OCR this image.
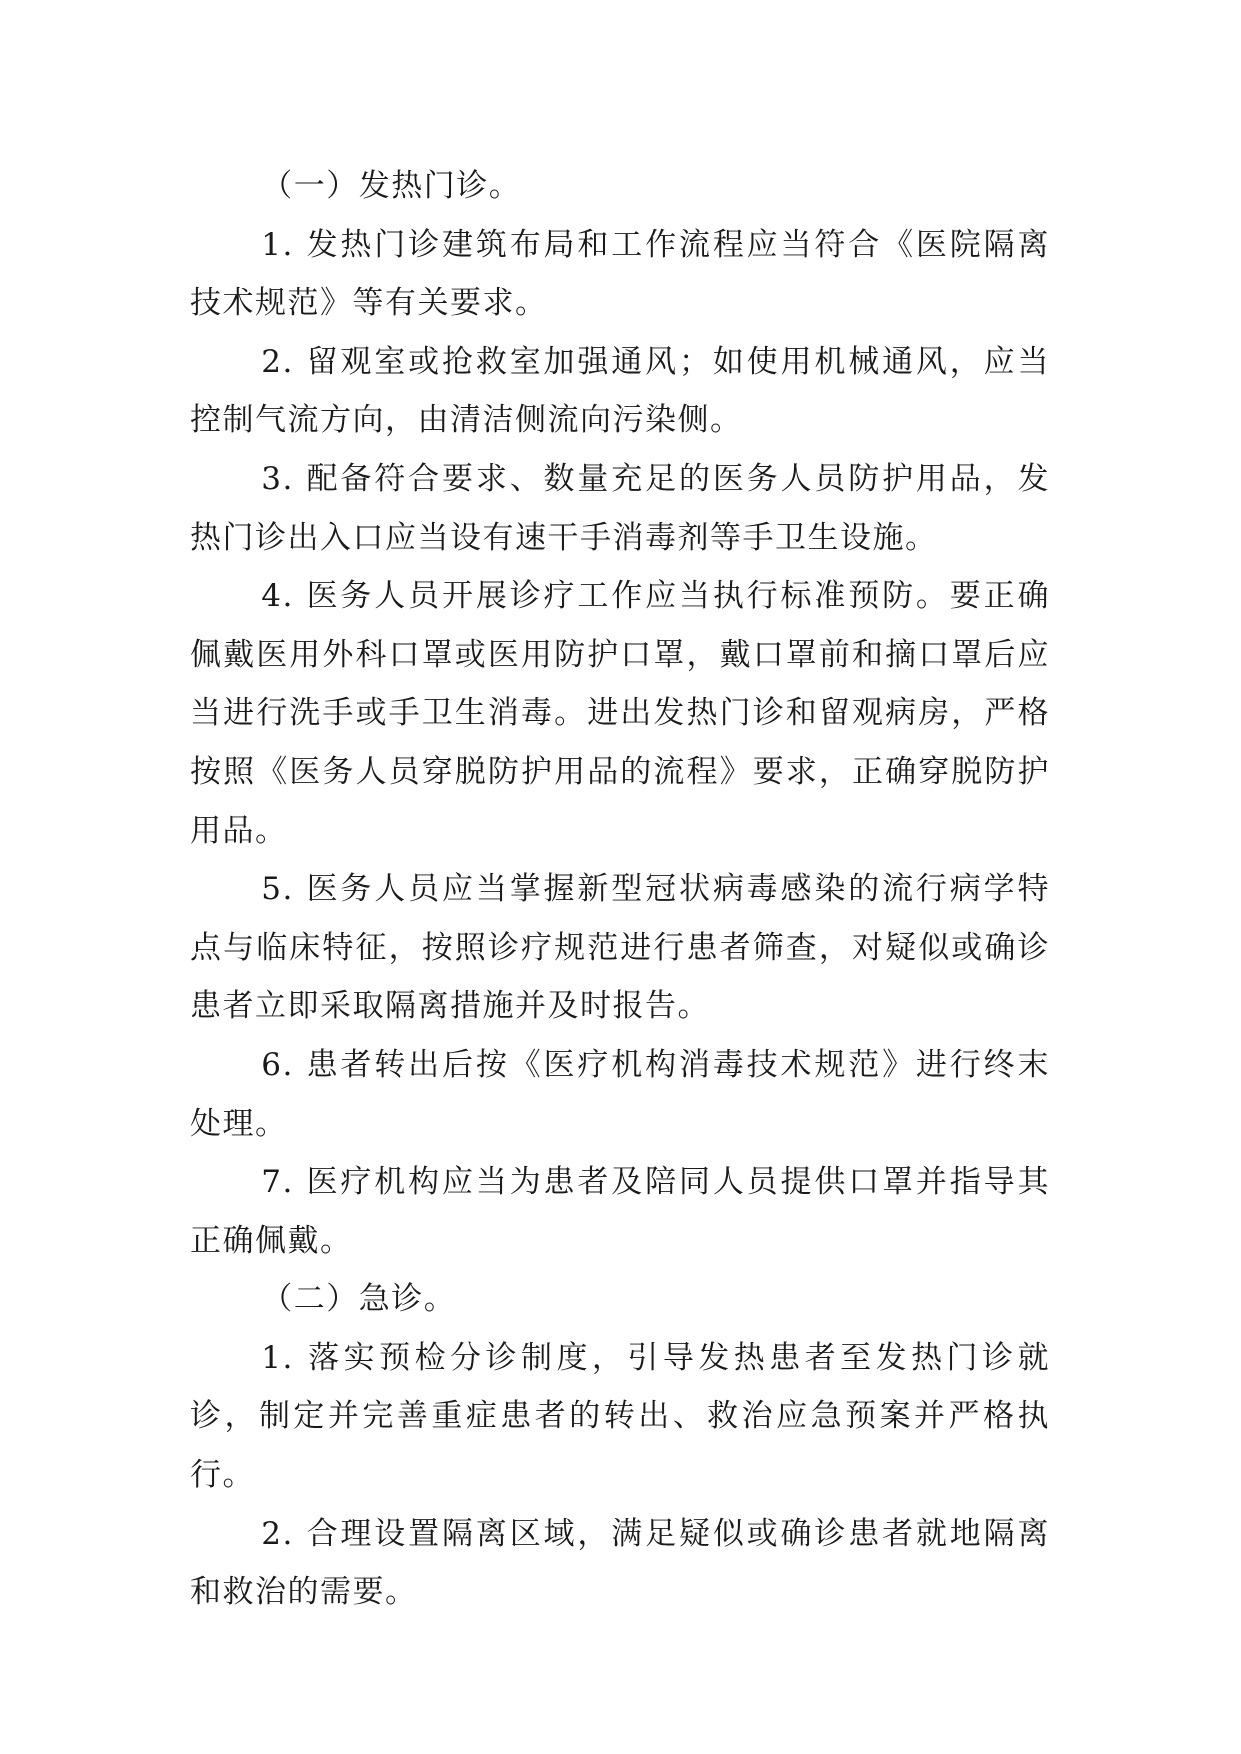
（一）发热门诊。

1. 发热门诊建筑布局和工作流程应当符合《医院隔离技术规范》等有关要求。

2. 留观室或抢救室加强通风；如使用机械通风，应当控制气流方向，由清洁侧流向污染侧。

3. 配备符合要求、数量充足的医务人员防护用品，发热门诊出入口应当设有速干手消毒剂等手卫生设施。

4. 医务人员开展诊疗工作应当执行标准预防。要正确佩戴医用外科口罩或医用防护口罩，戴口罩前和摘口罩后应当进行洗手或手卫生消毒。进出发热门诊和留观病房，严格按照《医务人员穿脱防护用品的流程》要求，正确穿脱防护用品。

5. 医务人员应当掌握新型冠状病毒感染的流行病学特点与临床特征，按照诊疗规范进行患者筛查，对疑似或确诊患者立即采取隔离措施并及时报告。

6. 患者转出后按《医疗机构消毒技术规范》进行终末处理。

7. 医疗机构应当为患者及陪同人员提供口罩并指导其正确佩戴。

（二）急诊。

1. 落实预检分诊制度，引导发热患者至发热门诊就诊，制定并完善重症患者的转出、救治应急预案并严格执行。

2. 合理设置隔离区域，满足疑似或确诊患者就地隔离和救治的需要。
